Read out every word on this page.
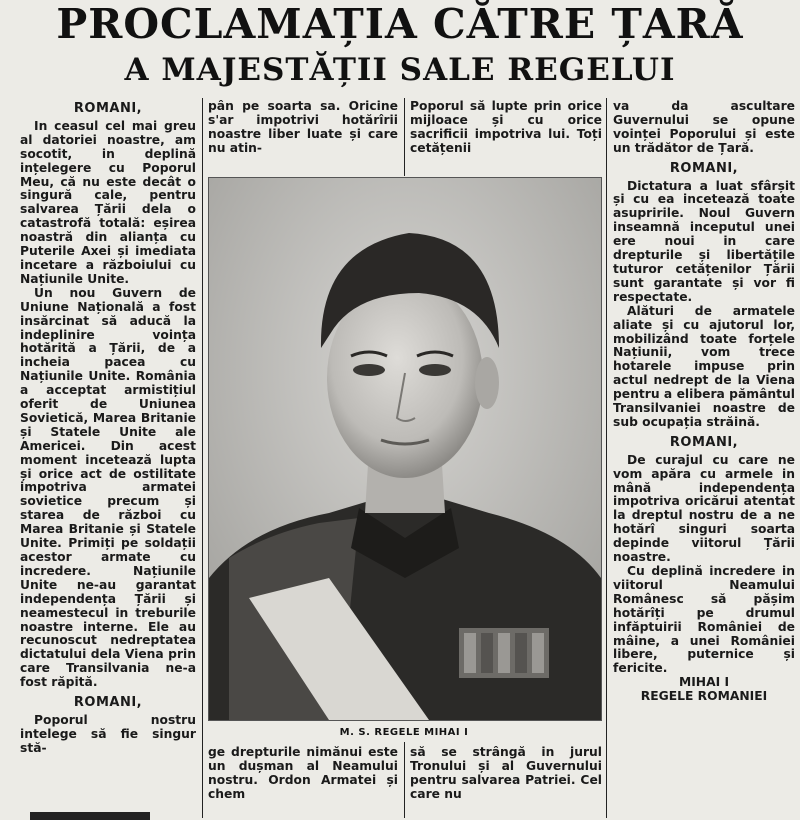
PROCLAMAȚIA CĂTRE ȚARĂ
A MAJESTĂȚII SALE REGELUI

ROMANI,

In ceasul cel mai greu al datoriei noastre, am socotit, in deplină ințelegere cu Poporul Meu, că nu este decât o singură cale, pentru salvarea Țării dela o catastrofă totală: eșirea noastră din alianța cu Puterile Axei și imediata incetare a războiului cu Națiunile Unite.

Un nou Guvern de Uniune Națională a fost insărcinat să aducă la indeplinire voința hotărită a Țării, de a incheia pacea cu Națiunile Unite. România a acceptat armistițiul oferit de Uniunea Sovietică, Marea Britanie și Statele Unite ale Americei. Din acest moment incetează lupta și orice act de ostilitate impotriva armatei sovietice precum și starea de război cu Marea Britanie și Statele Unite. Primiți pe soldații acestor armate cu incredere. Națiunile Unite ne-au garantat independența Țării și neamestecul in treburile noastre interne. Ele au recunoscut nedreptatea dictatului dela Viena prin care Transilvania ne-a fost răpită.

ROMANI,

Poporul nostru intelege să fie singur stă-

pân pe soarta sa. Oricine s'ar impotrivi hotărîrii noastre liber luate și care nu atin-

Poporul să lupte prin orice mijloace și cu orice sacrificii impotriva lui. Toți cetățenii

M. S. REGELE MIHAI I

ge drepturile nimănui este un dușman al Neamului nostru. Ordon Armatei și chem

să se strângă in jurul Tronului și al Guvernului pentru salvarea Patriei. Cel care nu

va da ascultare Guvernului se opune voinței Poporului și este un trădător de Țară.

ROMANI,

Dictatura a luat sfârșit și cu ea incetează toate asupririle. Noul Guvern inseamnă inceputul unei ere noui in care drepturile și libertățile tuturor cetățenilor Țării sunt garantate și vor fi respectate.

Alături de armatele aliate și cu ajutorul lor, mobilizând toate forțele Națiunii, vom trece hotarele impuse prin actul nedrept de la Viena pentru a elibera pământul Transilvaniei noastre de sub ocupația străină.

ROMANI,

De curajul cu care ne vom apăra cu armele in mână independența impotriva oricărui atentat la dreptul nostru de a ne hotărî singuri soarta depinde viitorul Țării noastre.

Cu deplină incredere in viitorul Neamului Românesc să pășim hotărîți pe drumul infăptuirii României de mâine, a unei României libere, puternice și fericite.

MIHAI I

REGELE ROMANIEI
